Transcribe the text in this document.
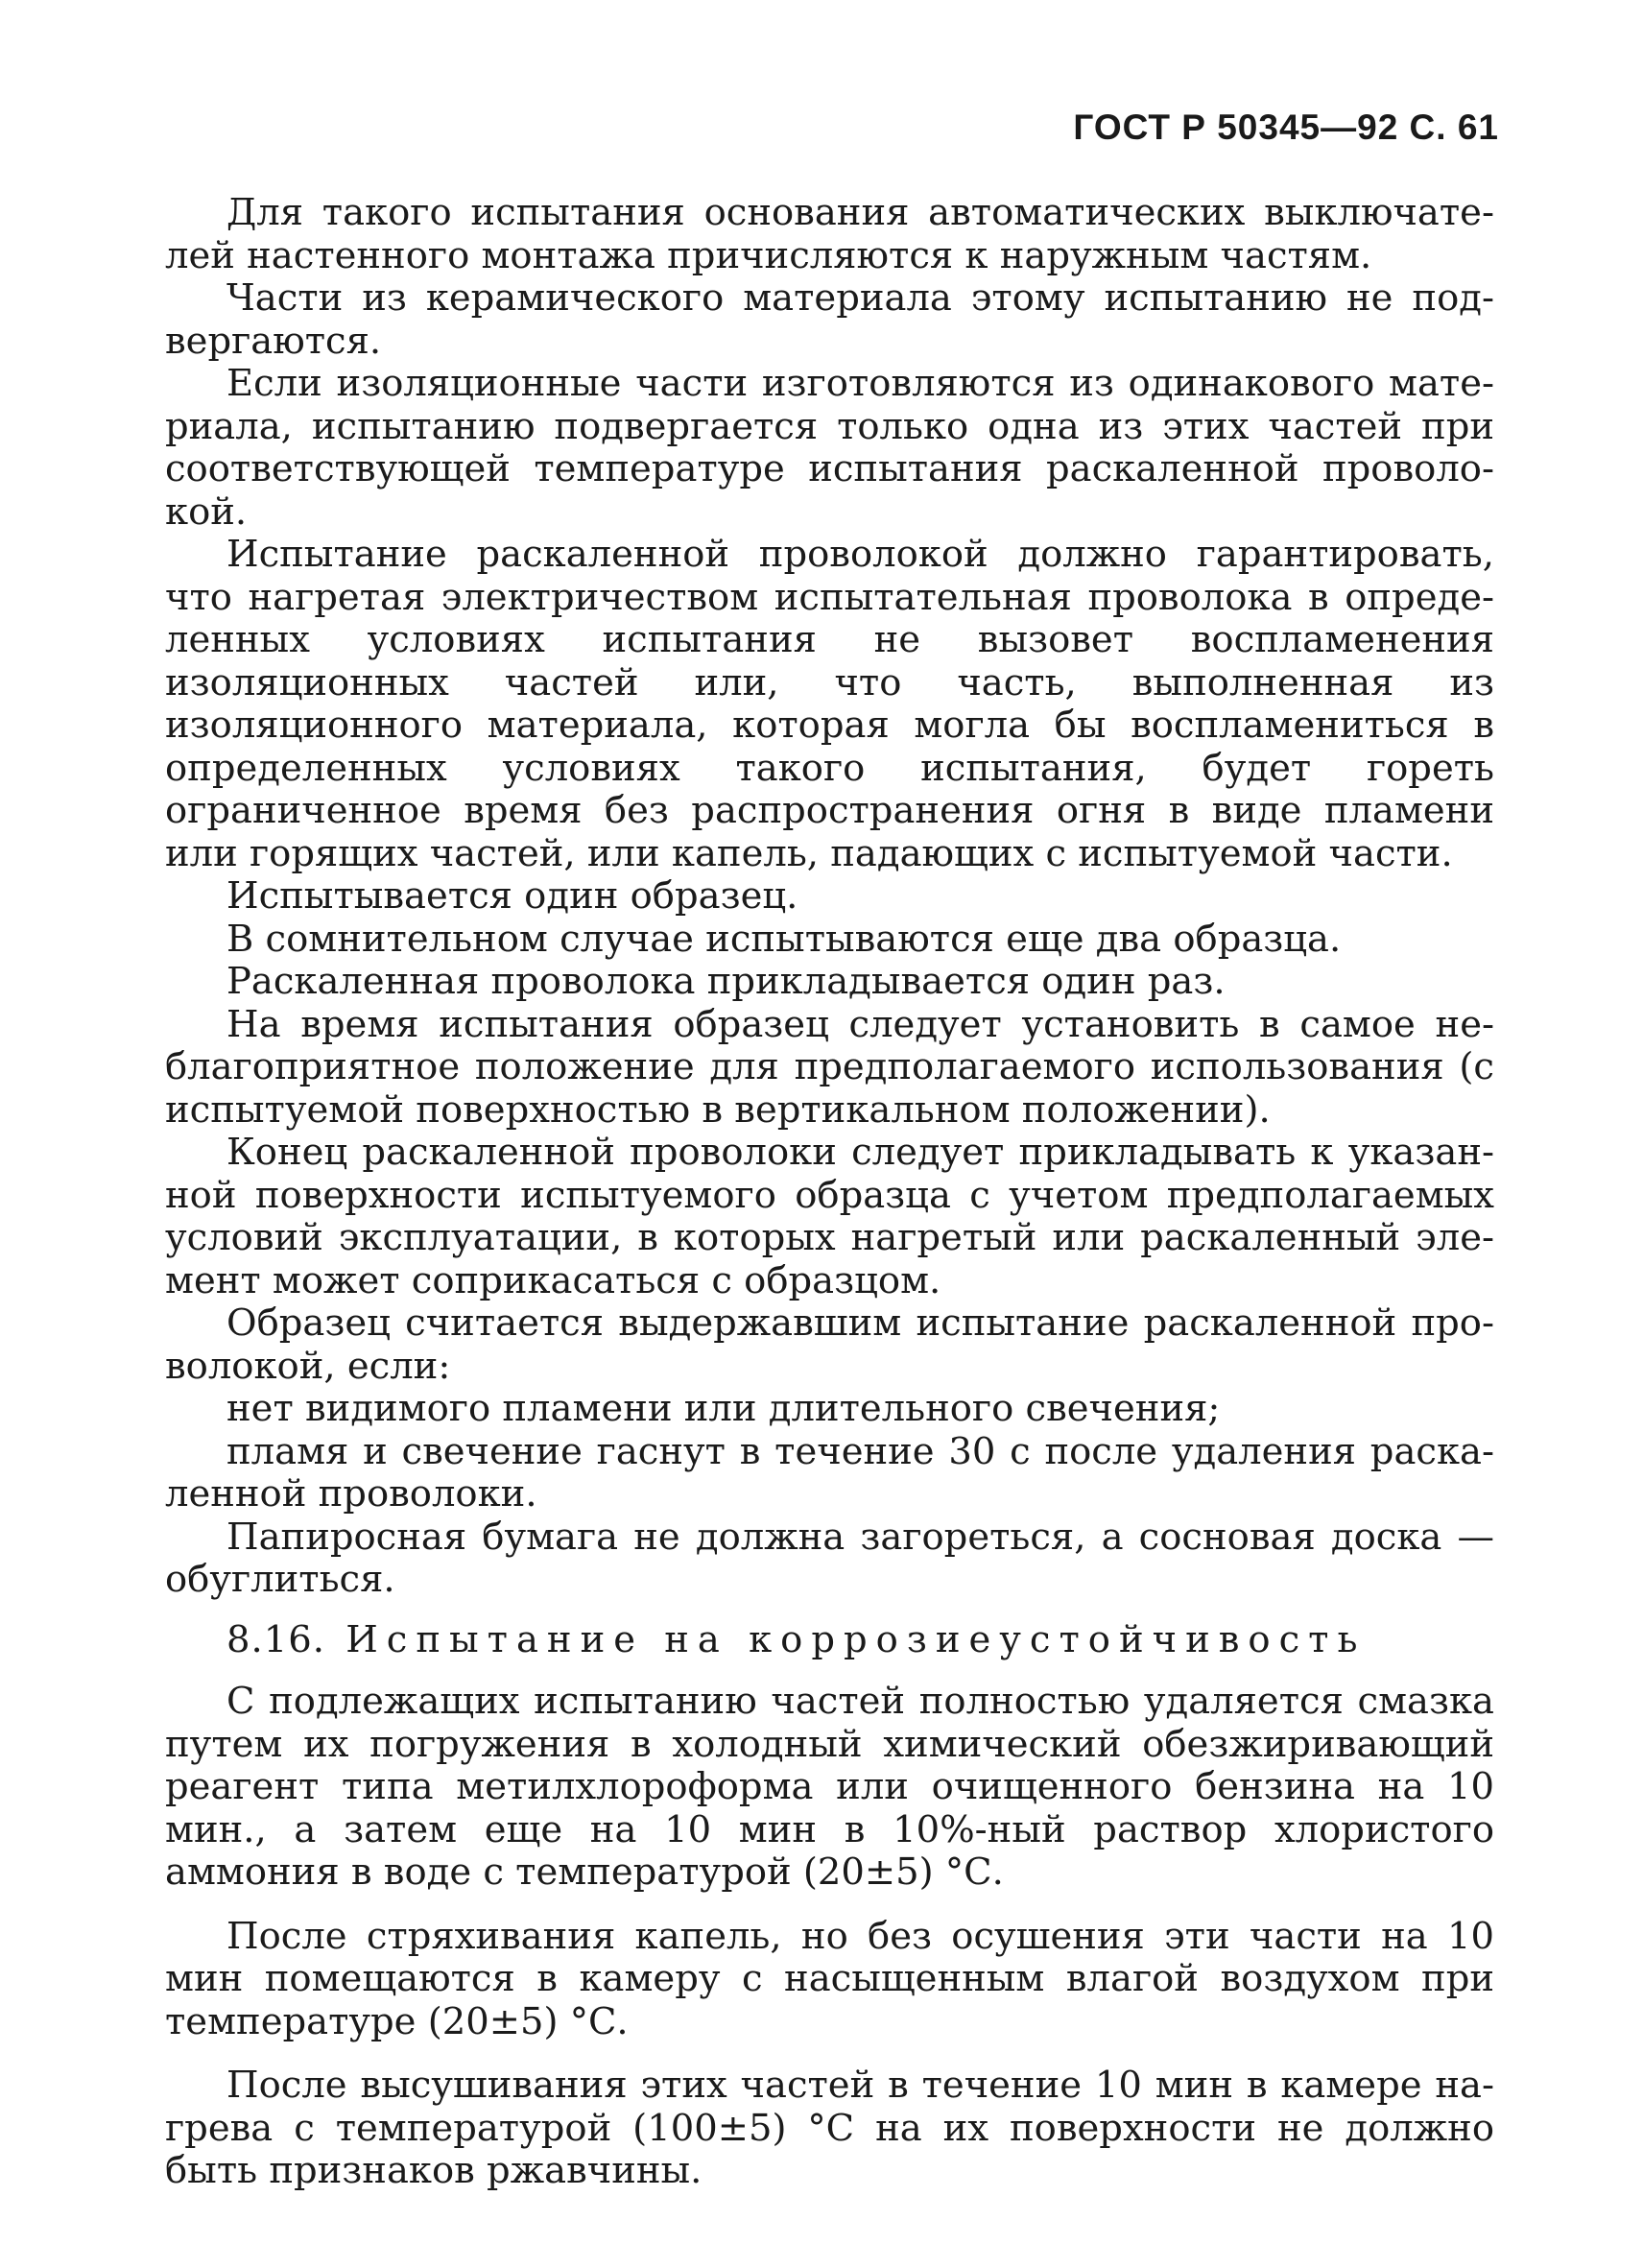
ГОСТ Р 50345—92 С. 61

Для такого испытания основания автоматических выключателей настенного монтажа причисляются к наружным частям.

Части из керамического материала этому испытанию не подвергаются.

Если изоляционные части изготовляются из одинакового материала, испытанию подвергается только одна из этих частей при соответствующей температуре испытания раскаленной проволокой.

Испытание раскаленной проволокой должно гарантировать, что нагретая электричеством испытательная проволока в определенных условиях испытания не вызовет воспламенения изоляционных частей или, что часть, выполненная из изоляционного материала, которая могла бы воспламениться в определенных условиях такого испытания, будет гореть ограниченное время без распространения огня в виде пламени или горящих частей, или капель, падающих с испытуемой части.

Испытывается один образец.

В сомнительном случае испытываются еще два образца.

Раскаленная проволока прикладывается один раз.

На время испытания образец следует установить в самое неблагоприятное положение для предполагаемого использования (с испытуемой поверхностью в вертикальном положении).

Конец раскаленной проволоки следует прикладывать к указанной поверхности испытуемого образца с учетом предполагаемых условий эксплуатации, в которых нагретый или раскаленный элемент может соприкасаться с образцом.

Образец считается выдержавшим испытание раскаленной проволокой, если:

нет видимого пламени или длительного свечения;

пламя и свечение гаснут в течение 30 с после удаления раскаленной проволоки.

Папиросная бумага не должна загореться, а сосновая доска — обуглиться.

8.16. Испытание на коррозиеустойчивость

С подлежащих испытанию частей полностью удаляется смазка путем их погружения в холодный химический обезжиривающий реагент типа метилхлороформа или очищенного бензина на 10 мин., а затем еще на 10 мин в 10%-ный раствор хлористого аммония в воде с температурой (20±5) °С.

После стряхивания капель, но без осушения эти части на 10 мин помещаются в камеру с насыщенным влагой воздухом при температуре (20±5) °С.

После высушивания этих частей в течение 10 мин в камере нагрева с температурой (100±5) °С на их поверхности не должно быть признаков ржавчины.
